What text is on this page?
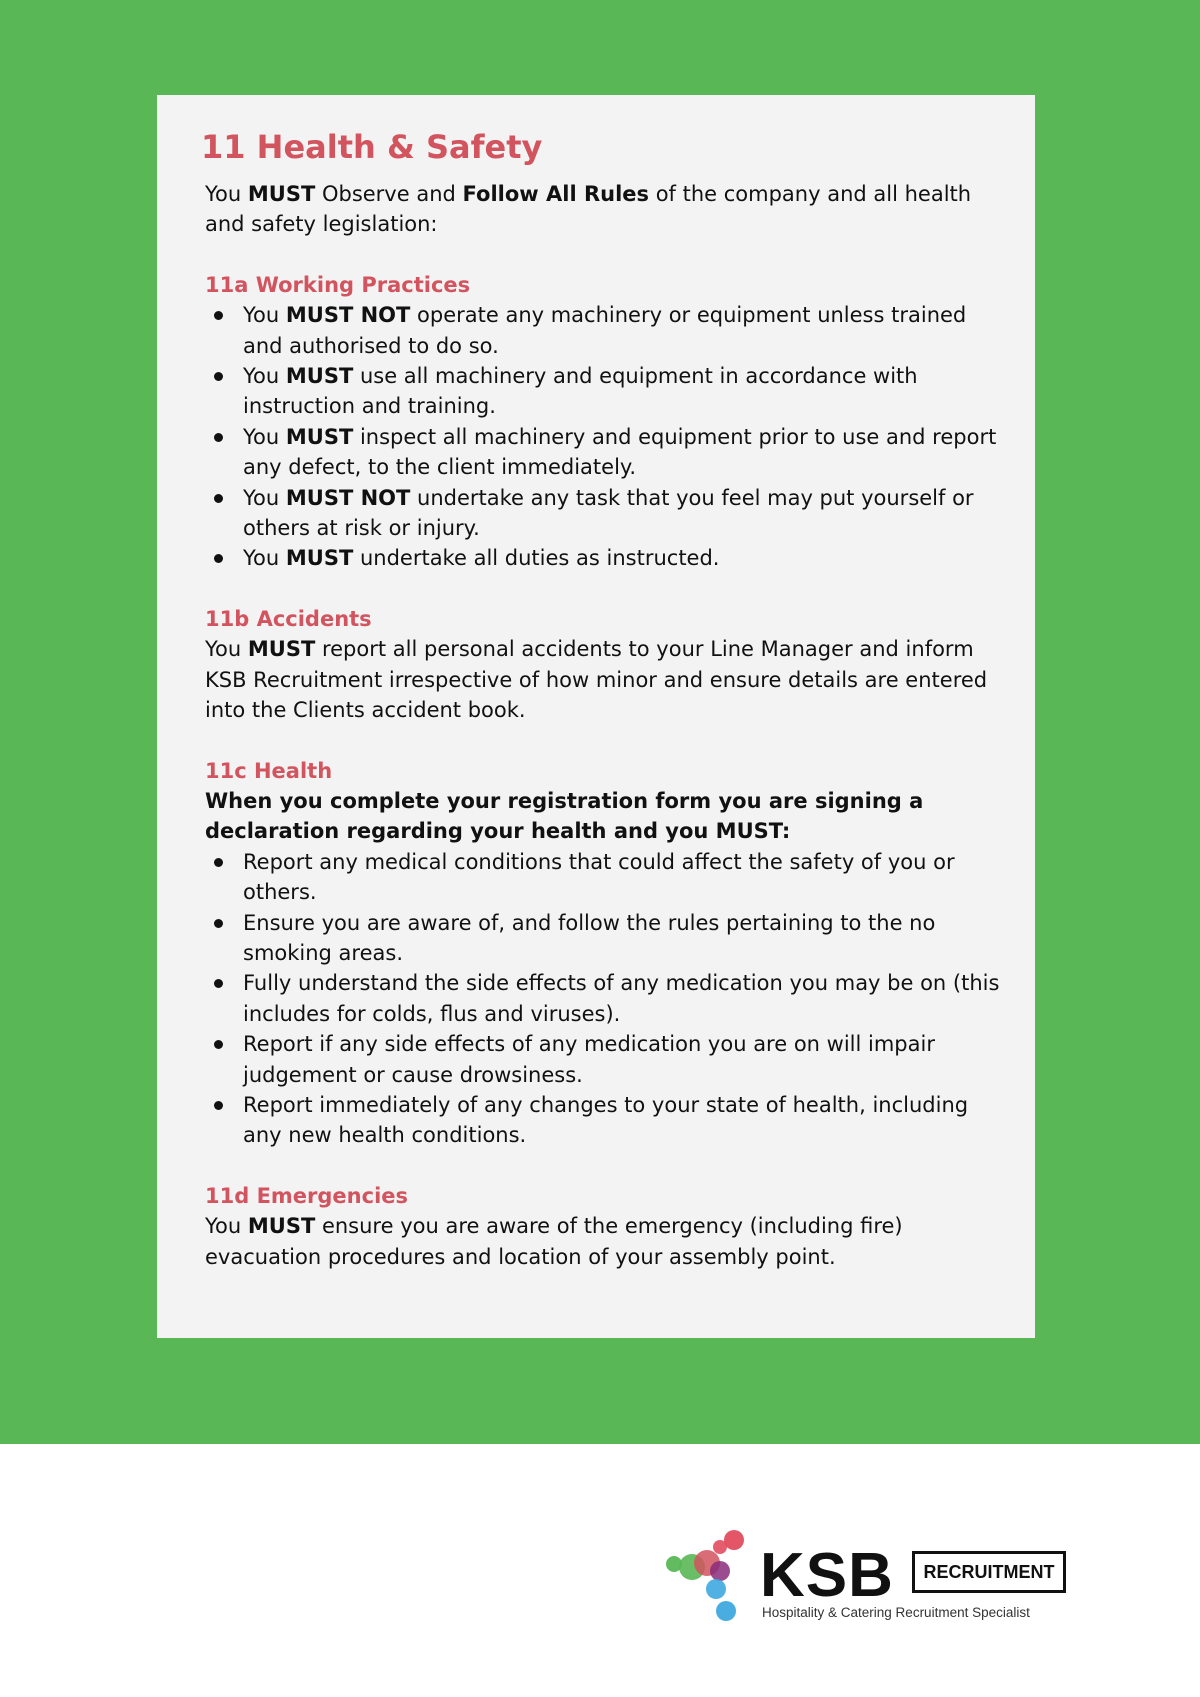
11 Health & Safety

You MUST Observe and Follow All Rules of the company and all health and safety legislation:

11a Working Practices
You MUST NOT operate any machinery or equipment unless trained and authorised to do so.
You MUST use all machinery and equipment in accordance with instruction and training.
You MUST inspect all machinery and equipment prior to use and report any defect, to the client immediately.
You MUST NOT undertake any task that you feel may put yourself or others at risk or injury.
You MUST undertake all duties as instructed.
11b Accidents

You MUST report all personal accidents to your Line Manager and inform KSB Recruitment irrespective of how minor and ensure details are entered into the Clients accident book.

11c Health

When you complete your registration form you are signing a declaration regarding your health and you MUST:

Report any medical conditions that could affect the safety of you or others.
Ensure you are aware of, and follow the rules pertaining to the no smoking areas.
Fully understand the side effects of any medication you may be on (this includes for colds, flus and viruses).
Report if any side effects of any medication you are on will impair judgement or cause drowsiness.
Report immediately of any changes to your state of health, including any new health conditions.
11d Emergencies

You MUST ensure you are aware of the emergency (including fire) evacuation procedures and location of your assembly point.

KSB	RECRUITMENT
Hospitality & Catering Recruitment Specialist
